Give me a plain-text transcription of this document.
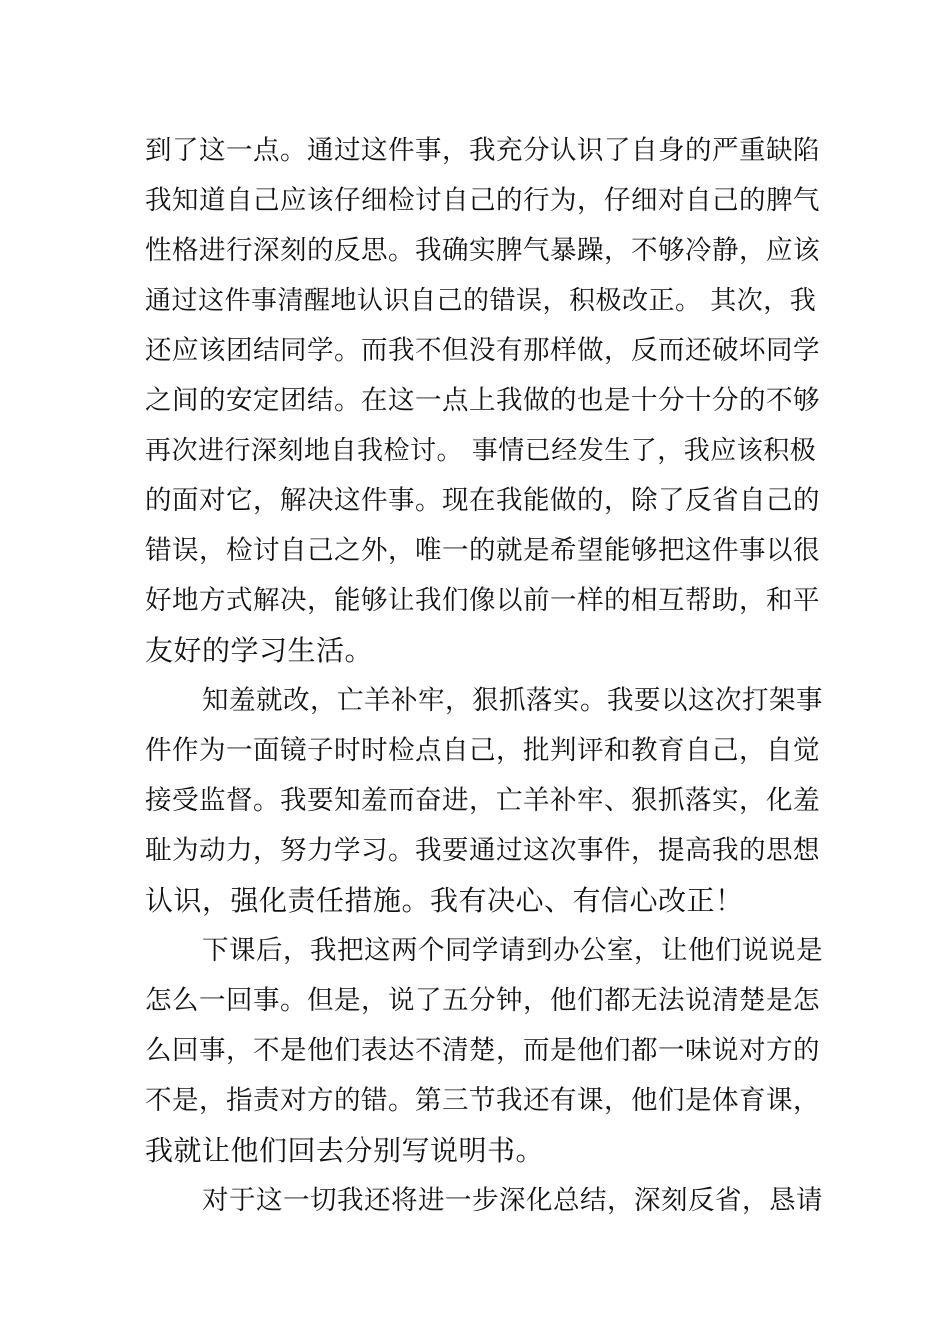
到了这一点。通过这件事，我充分认识了自身的严重缺陷
我知道自己应该仔细检讨自己的行为，仔细对自己的脾气
性格进行深刻的反思。我确实脾气暴躁，不够冷静，应该
通过这件事清醒地认识自己的错误，积极改正。 其次，我
还应该团结同学。而我不但没有那样做，反而还破坏同学
之间的安定团结。在这一点上我做的也是十分十分的不够
再次进行深刻地自我检讨。 事情已经发生了，我应该积极
的面对它，解决这件事。现在我能做的，除了反省自己的
错误，检讨自己之外，唯一的就是希望能够把这件事以很
好地方式解决，能够让我们像以前一样的相互帮助，和平
友好的学习生活。
知羞就改，亡羊补牢，狠抓落实。我要以这次打架事
件作为一面镜子时时检点自己，批判评和教育自己，自觉
接受监督。我要知羞而奋进，亡羊补牢、狠抓落实，化羞
耻为动力，努力学习。我要通过这次事件，提高我的思想
认识，强化责任措施。我有决心、有信心改正！
下课后，我把这两个同学请到办公室，让他们说说是
怎么一回事。但是，说了五分钟，他们都无法说清楚是怎
么回事，不是他们表达不清楚，而是他们都一味说对方的
不是，指责对方的错。第三节我还有课，他们是体育课，
我就让他们回去分别写说明书。
对于这一切我还将进一步深化总结，深刻反省，恳请
